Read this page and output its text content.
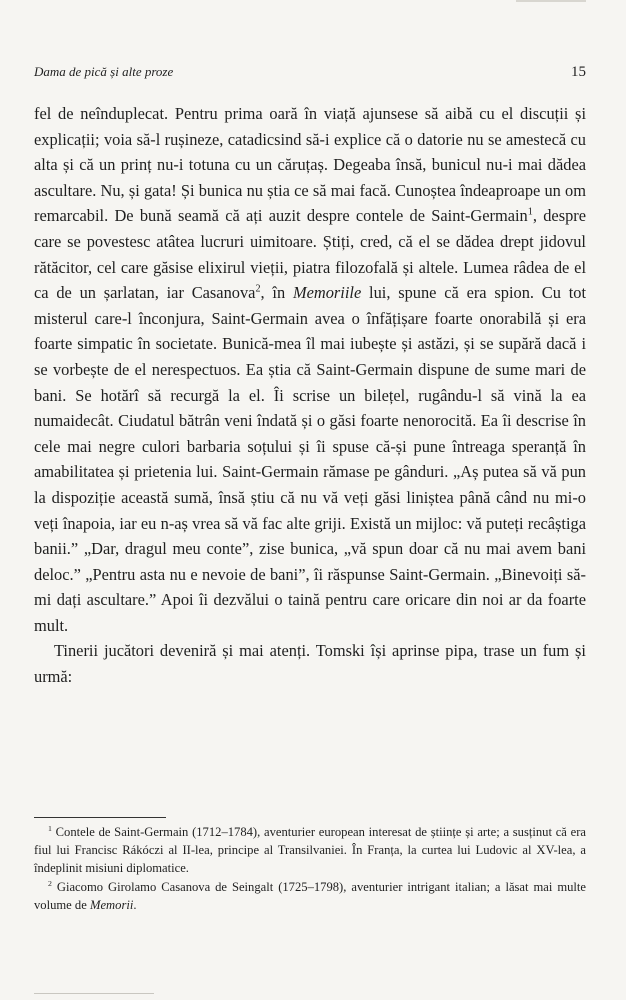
Dama de pică și alte proze	15

fel de neînduplecat. Pentru prima oară în viață ajunsese să aibă cu el discuții și explicații; voia să-l rușineze, catadicsind să-i explice că o datorie nu se amestecă cu alta și că un prinț nu-i totuna cu un căruțaș. Degeaba însă, bunicul nu-i mai dădea ascultare. Nu, și gata! Și bunica nu știa ce să mai facă. Cunoștea îndeaproape un om remarcabil. De bună seamă că ați auzit despre contele de Saint-Germain$^1$, despre care se povestesc atâtea lucruri uimitoare. Știți, cred, că el se dădea drept jidovul rătăcitor, cel care găsise elixirul vieții, piatra filozofală și altele. Lumea râdea de el ca de un șarlatan, iar Casanova$^2$, în Memoriile lui, spune că era spion. Cu tot misterul care-l înconjura, Saint-Germain avea o înfățișare foarte onorabilă și era foarte simpatic în societate. Bunică-mea îl mai iubește și astăzi, și se supără dacă i se vorbește de el nerespectuos. Ea știa că Saint-Germain dispune de sume mari de bani. Se hotărî să recurgă la el. Îi scrise un bilețel, rugându-l să vină la ea numaidecât. Ciudatul bătrân veni îndată și o găsi foarte nenorocită. Ea îi descrise în cele mai negre culori barbaria soțului și îi spuse că-și pune întreaga speranță în amabilitatea și prietenia lui. Saint-Germain rămase pe gânduri. „Aș putea să vă pun la dispoziție această sumă, însă știu că nu vă veți găsi liniștea până când nu mi-o veți înapoia, iar eu n-aș vrea să vă fac alte griji. Există un mijloc: vă puteți recâștiga banii.” „Dar, dragul meu conte”, zise bunica, „vă spun doar că nu mai avem bani deloc.” „Pentru asta nu e nevoie de bani”, îi răspunse Saint-Germain. „Binevoiți să-mi dați ascultare.” Apoi îi dezvălui o taină pentru care oricare din noi ar da foarte mult.

Tinerii jucători deveniră și mai atenți. Tomski își aprinse pipa, trase un fum și urmă:

$^1$ Contele de Saint-Germain (1712–1784), aventurier european interesat de științe și arte; a susținut că era fiul lui Francisc Rákóczi al II-lea, principe al Transilvaniei. În Franța, la curtea lui Ludovic al XV-lea, a îndeplinit misiuni diplomatice.

$^2$ Giacomo Girolamo Casanova de Seingalt (1725–1798), aventurier intrigant italian; a lăsat mai multe volume de Memorii.
